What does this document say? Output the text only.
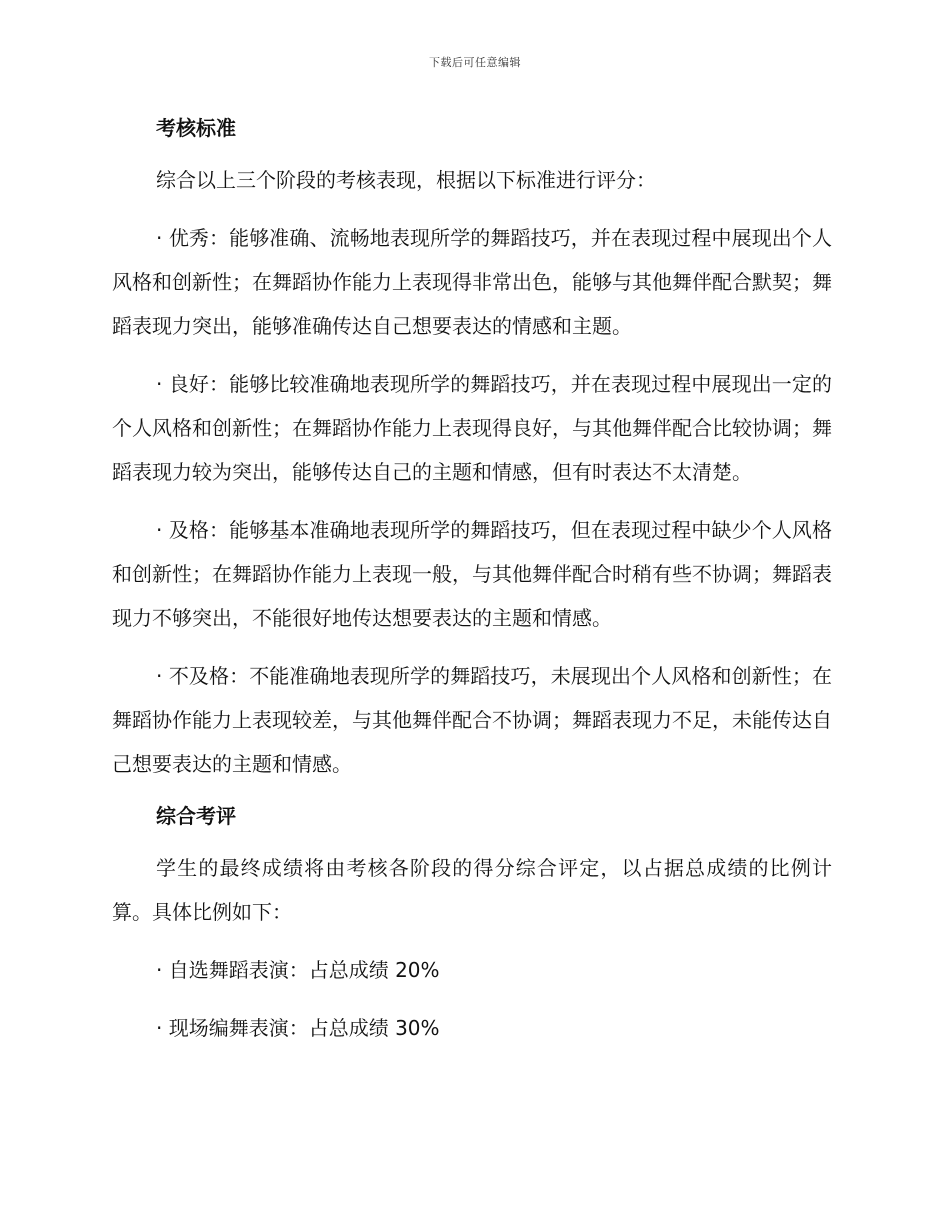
下载后可任意编辑
考核标准
综合以上三个阶段的考核表现，根据以下标准进行评分：
· 优秀：能够准确、流畅地表现所学的舞蹈技巧，并在表现过程中展现出个人风格和创新性；在舞蹈协作能力上表现得非常出色，能够与其他舞伴配合默契；舞蹈表现力突出，能够准确传达自己想要表达的情感和主题。
· 良好：能够比较准确地表现所学的舞蹈技巧，并在表现过程中展现出一定的个人风格和创新性；在舞蹈协作能力上表现得良好，与其他舞伴配合比较协调；舞蹈表现力较为突出，能够传达自己的主题和情感，但有时表达不太清楚。
· 及格：能够基本准确地表现所学的舞蹈技巧，但在表现过程中缺少个人风格和创新性；在舞蹈协作能力上表现一般，与其他舞伴配合时稍有些不协调；舞蹈表现力不够突出，不能很好地传达想要表达的主题和情感。
· 不及格：不能准确地表现所学的舞蹈技巧，未展现出个人风格和创新性；在舞蹈协作能力上表现较差，与其他舞伴配合不协调；舞蹈表现力不足，未能传达自己想要表达的主题和情感。
综合考评
学生的最终成绩将由考核各阶段的得分综合评定，以占据总成绩的比例计算。具体比例如下：
· 自选舞蹈表演：占总成绩 20%
· 现场编舞表演：占总成绩 30%
